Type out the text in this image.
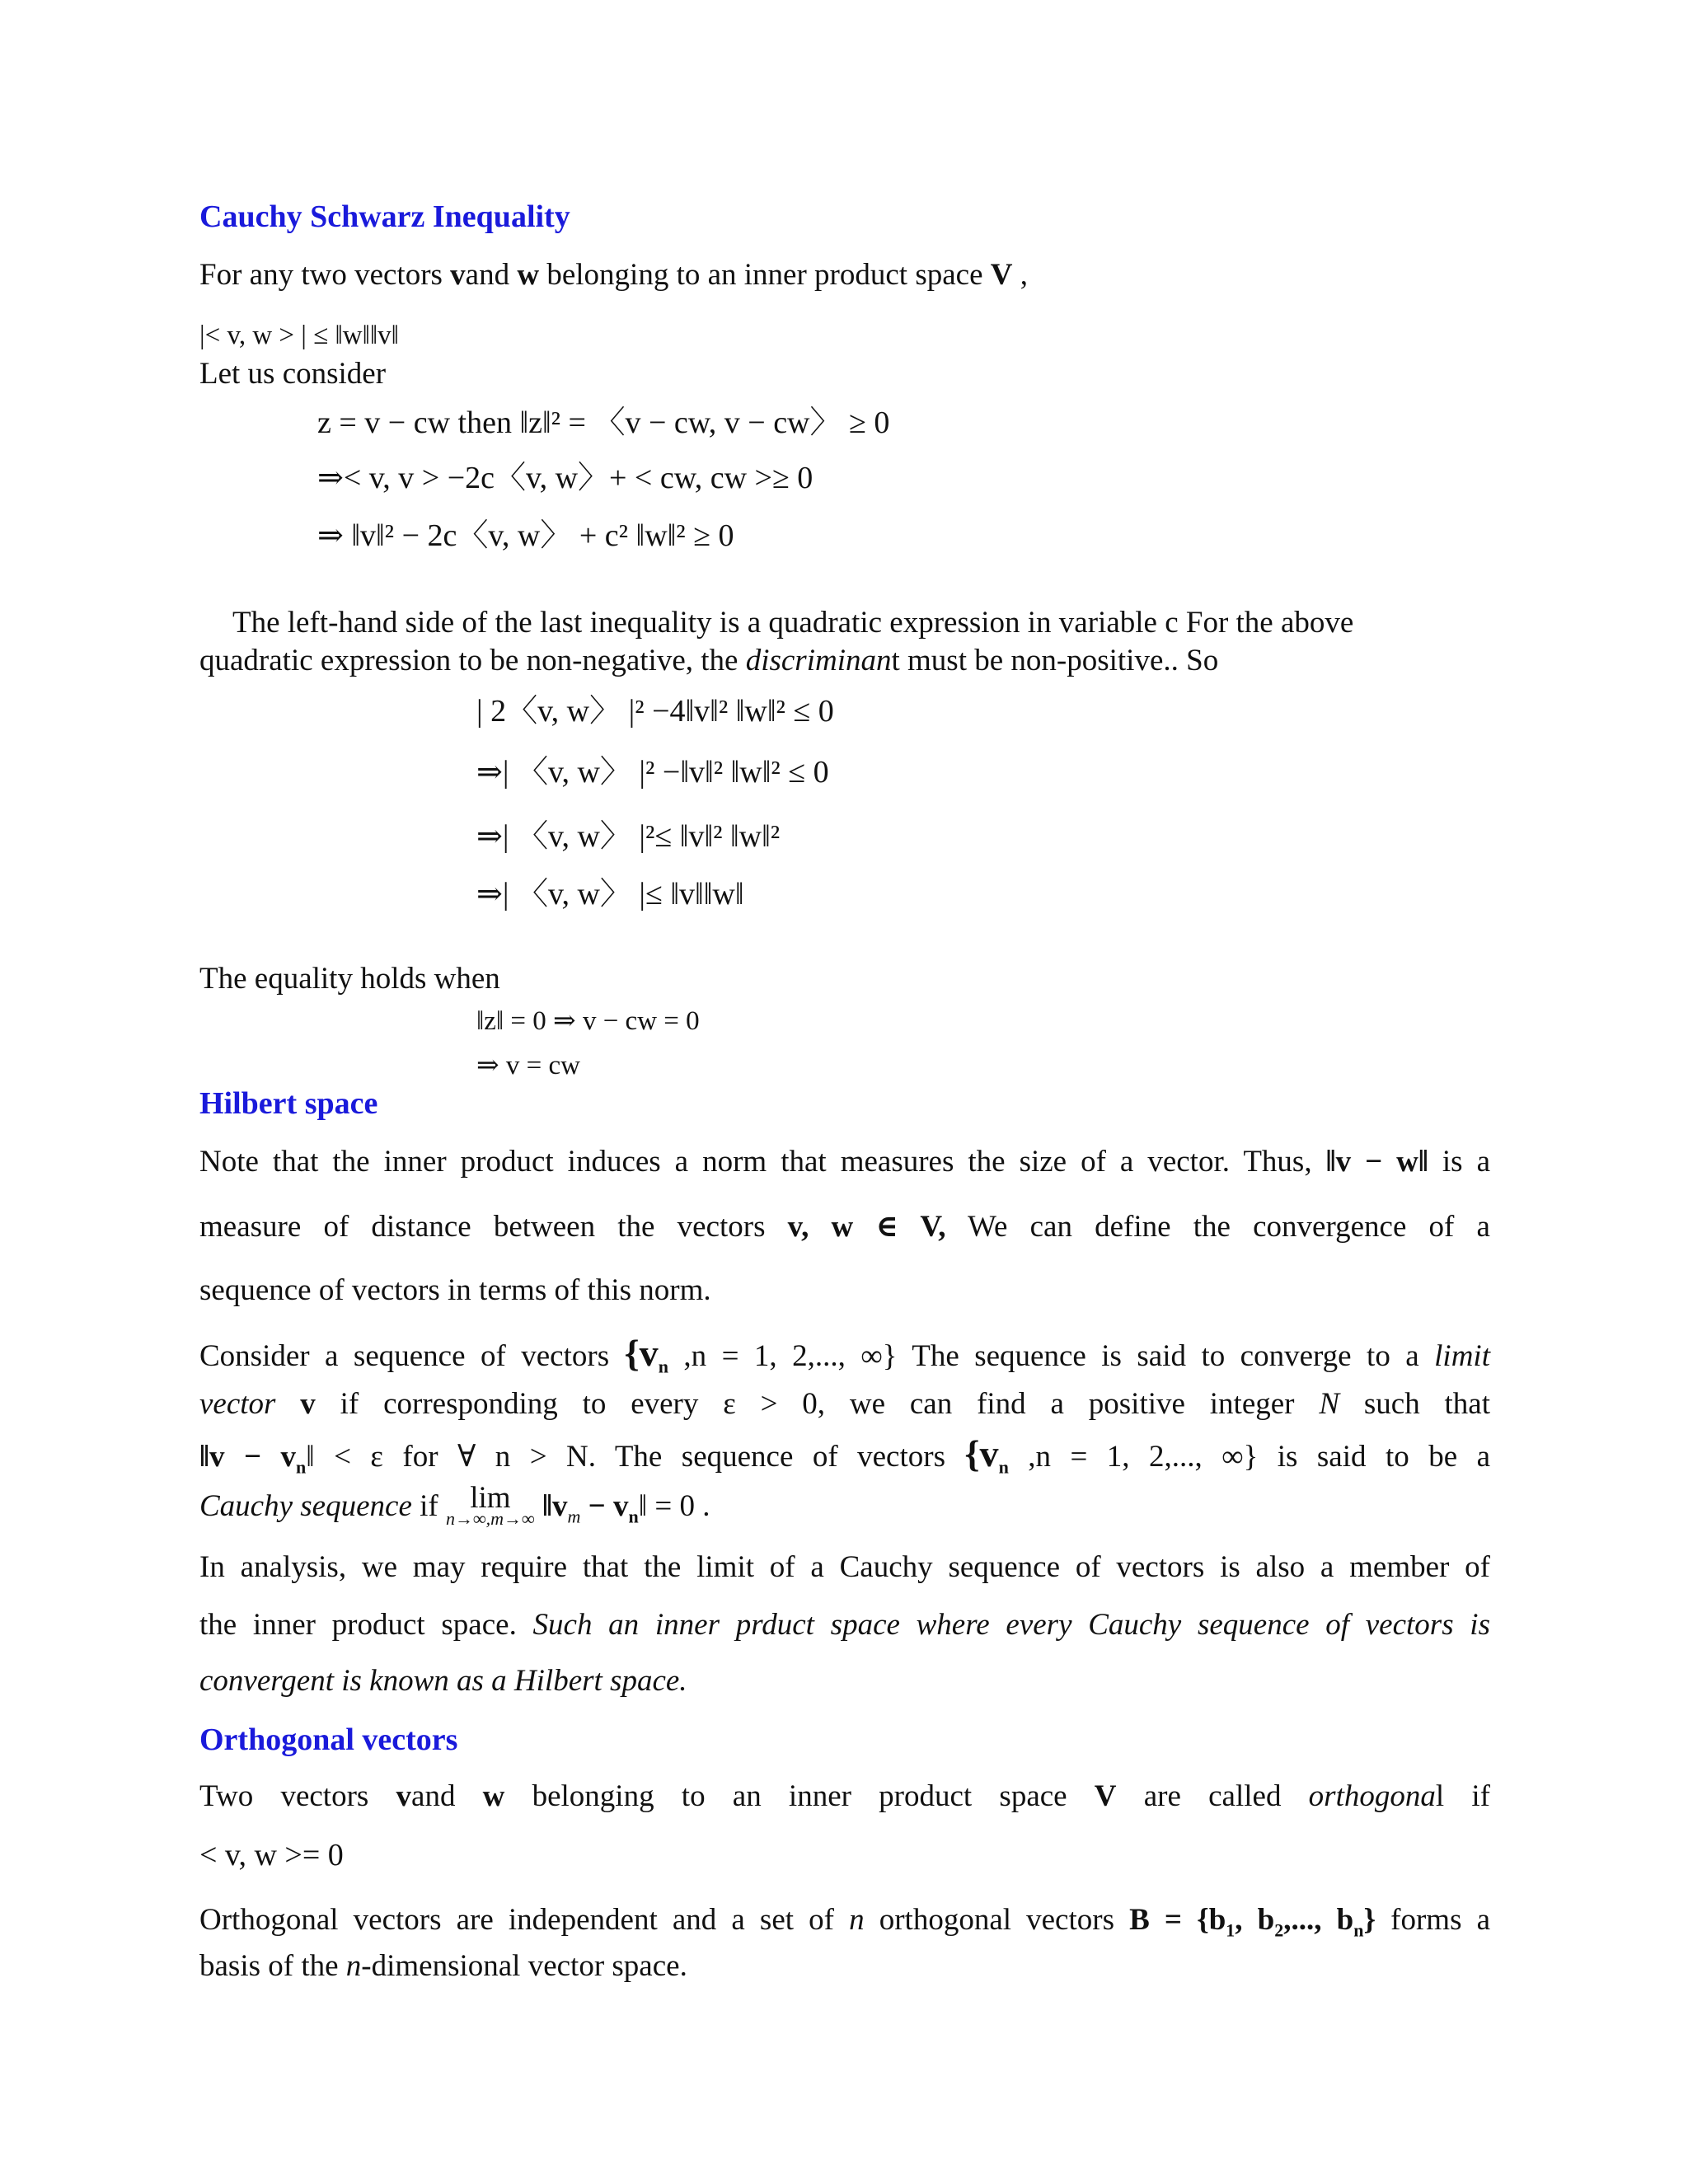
Cauchy Schwarz Inequality
For any two vectors vand w belonging to an inner product space V ,
|< v, w > | ≤ ‖w‖‖v‖
Let us consider
z = v − cw then ‖z‖² = 〈v − cw, v − cw〉 ≥ 0
⇒< v, v > −2c〈v, w〉+ < cw, cw >≥ 0
⇒ ‖v‖² − 2c〈v, w〉 + c² ‖w‖² ≥ 0
The left-hand side of the last inequality is a quadratic expression in variable c For the above
quadratic expression to be non-negative, the discriminant must be non-positive.. So
| 2〈v, w〉 |² −4‖v‖² ‖w‖² ≤ 0
⇒| 〈v, w〉 |² −‖v‖² ‖w‖² ≤ 0
⇒| 〈v, w〉 |²≤ ‖v‖² ‖w‖²
⇒| 〈v, w〉 |≤ ‖v‖‖w‖
The equality holds when
‖z‖ = 0 ⇒ v − cw = 0
⇒ v = cw
Hilbert space
Note that the inner product induces a norm that measures the size of a vector. Thus, ‖v − w‖ is a
measure of distance between the vectors v, w ∈ V, We can define the convergence of a
sequence of vectors in terms of this norm.
Consider a sequence of vectors {$v_n$ ,n = 1, 2,..., ∞} The sequence is said to converge to a limit
vector v if corresponding to every ε > 0, we can find a positive integer N such that
‖v − $v_n‖ < \varepsilon$ for ∀ n > N. The sequence of vectors {$v_n$ ,n = 1, 2,..., ∞} is said to be a
Cauchy sequence if lim
n→∞,m→∞ $‖v_m$ − $v_n‖ = 0$ .
In analysis, we may require that the limit of a Cauchy sequence of vectors is also a member of
the inner product space. Such an inner prduct space where every Cauchy sequence of vectors is
convergent is known as a Hilbert space.
Orthogonal vectors
Two vectors vand w belonging to an inner product space V are called orthogonal if
< v, w >= 0
Orthogonal vectors are independent and a set of n orthogonal vectors $B = \{b_1$, $b_2$,..., $b_n$} forms a
basis of the n-dimensional vector space.
